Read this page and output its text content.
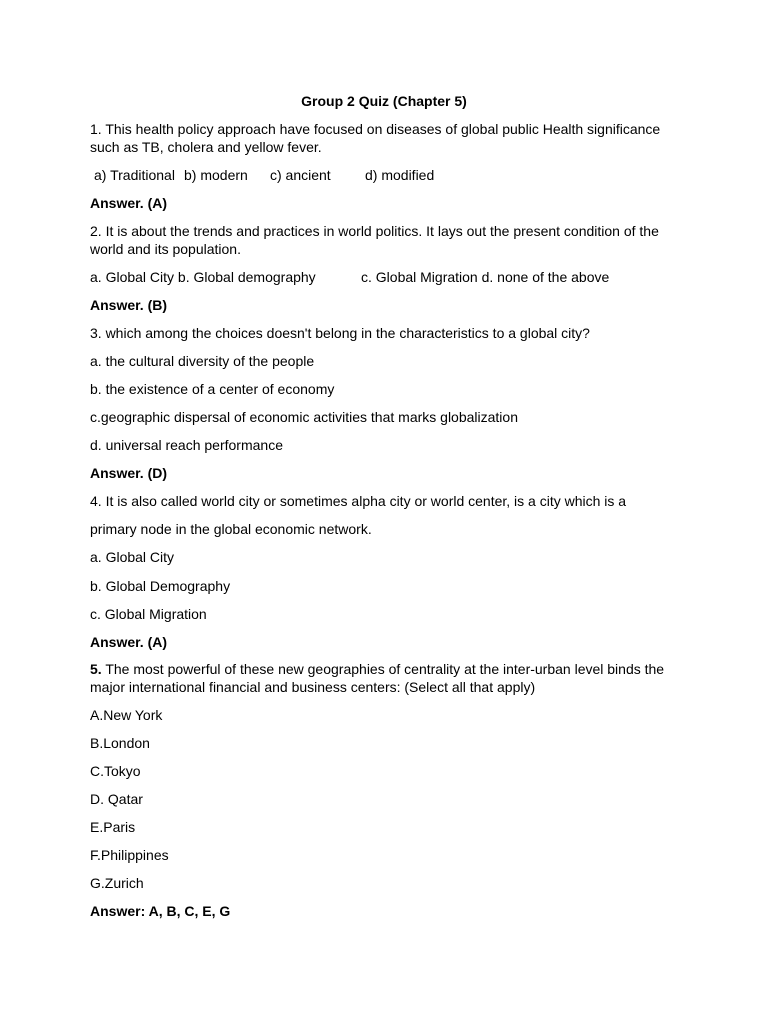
Group 2 Quiz (Chapter 5)
1. This health policy approach have focused on diseases of global public Health significance
such as TB, cholera and yellow fever.
a) Traditional b) modern c) ancient d) modified
Answer. (A)
2. It is about the trends and practices in world politics. It lays out the present condition of the
world and its population.
a. Global City b. Global demography	c. Global Migration d. none of the above
Answer. (B)
3. which among the choices doesn't belong in the characteristics to a global city?
a. the cultural diversity of the people
b. the existence of a center of economy
c.geographic dispersal of economic activities that marks globalization
d. universal reach performance
Answer. (D)
4. It is also called world city or sometimes alpha city or world center, is a city which is a
primary node in the global economic network.
a. Global City
b. Global Demography
c. Global Migration
Answer. (A)
5. The most powerful of these new geographies of centrality at the inter-urban level binds the
major international financial and business centers: (Select all that apply)
A.New York
B.London
C.Tokyo
D. Qatar
E.Paris
F.Philippines
G.Zurich
Answer: A, B, C, E, G
